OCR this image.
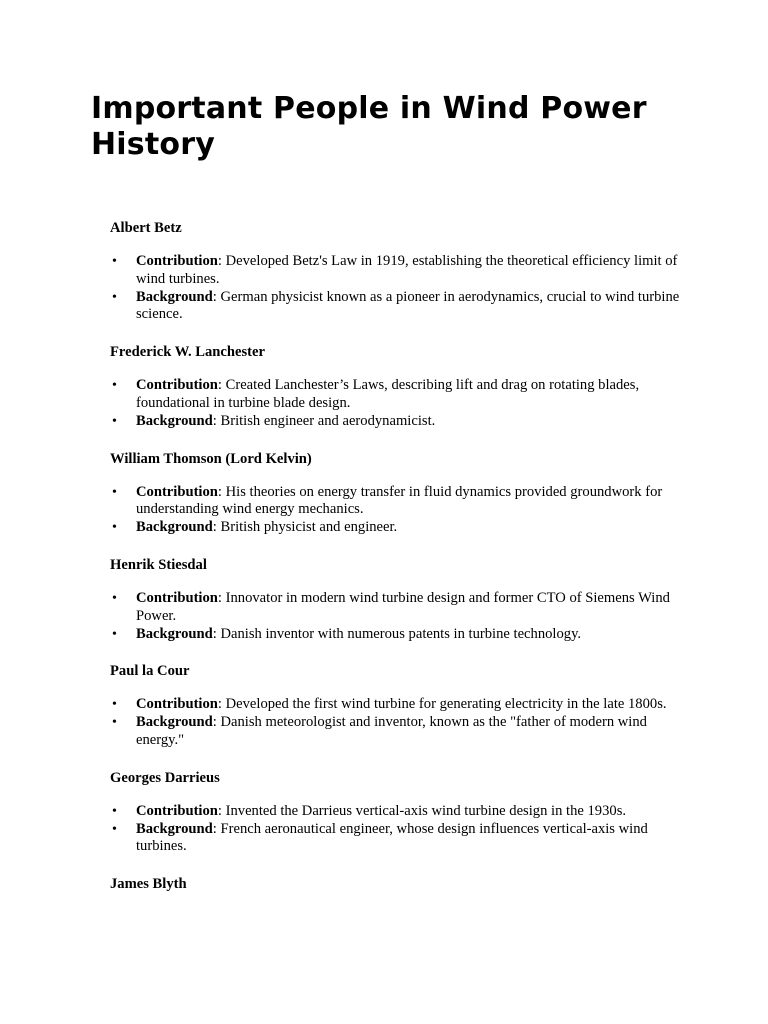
Important People in Wind Power History
Albert Betz
• Contribution: Developed Betz's Law in 1919, establishing the theoretical efficiency limit of wind turbines.
• Background: German physicist known as a pioneer in aerodynamics, crucial to wind turbine science.
Frederick W. Lanchester
• Contribution: Created Lanchester’s Laws, describing lift and drag on rotating blades, foundational in turbine blade design.
• Background: British engineer and aerodynamicist.
William Thomson (Lord Kelvin)
• Contribution: His theories on energy transfer in fluid dynamics provided groundwork for understanding wind energy mechanics.
• Background: British physicist and engineer.
Henrik Stiesdal
• Contribution: Innovator in modern wind turbine design and former CTO of Siemens Wind Power.
• Background: Danish inventor with numerous patents in turbine technology.
Paul la Cour
• Contribution: Developed the first wind turbine for generating electricity in the late 1800s.
• Background: Danish meteorologist and inventor, known as the "father of modern wind energy."
Georges Darrieus
• Contribution: Invented the Darrieus vertical-axis wind turbine design in the 1930s.
• Background: French aeronautical engineer, whose design influences vertical-axis wind turbines.
James Blyth
